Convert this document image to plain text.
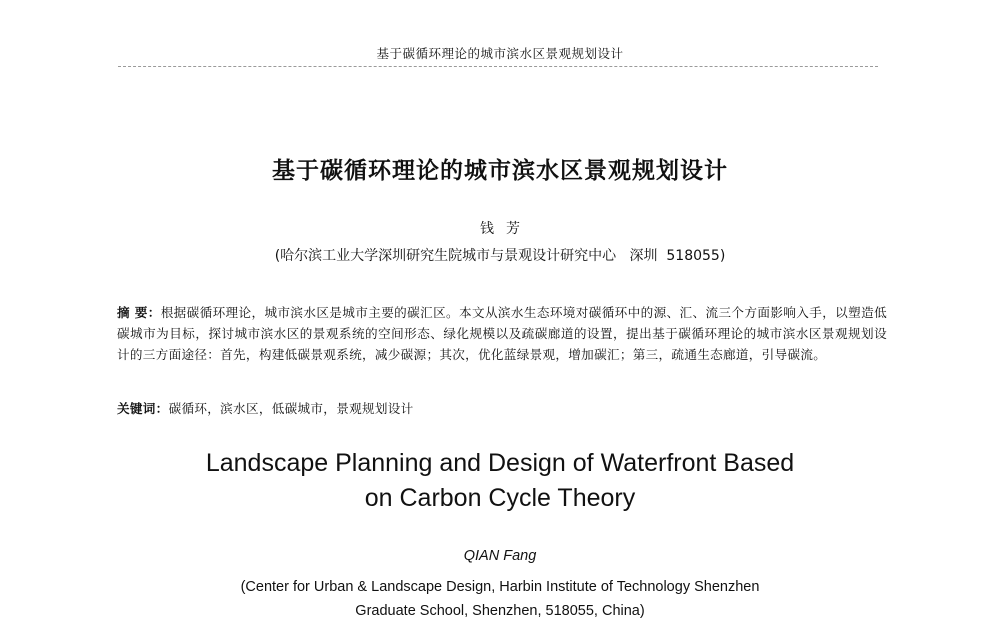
基于碳循环理论的城市滨水区景观规划设计
基于碳循环理论的城市滨水区景观规划设计
钱芳
(哈尔滨工业大学深圳研究生院城市与景观设计研究中心   深圳  518055)
摘 要：根据碳循环理论，城市滨水区是城市主要的碳汇区。本文从滨水生态环境对碳循环中的源、汇、流三个方面影响入手，以塑造低碳城市为目标，探讨城市滨水区的景观系统的空间形态、绿化规模以及疏碳廊道的设置，提出基于碳循环理论的城市滨水区景观规划设计的三方面途径：首先，构建低碳景观系统，减少碳源；其次，优化蓝绿景观，增加碳汇；第三，疏通生态廊道，引导碳流。
关键词：碳循环，滨水区，低碳城市，景观规划设计
Landscape Planning and Design of Waterfront Based
on Carbon Cycle Theory
QIAN Fang
(Center for Urban & Landscape Design, Harbin Institute of Technology Shenzhen
Graduate School, Shenzhen, 518055, China)
